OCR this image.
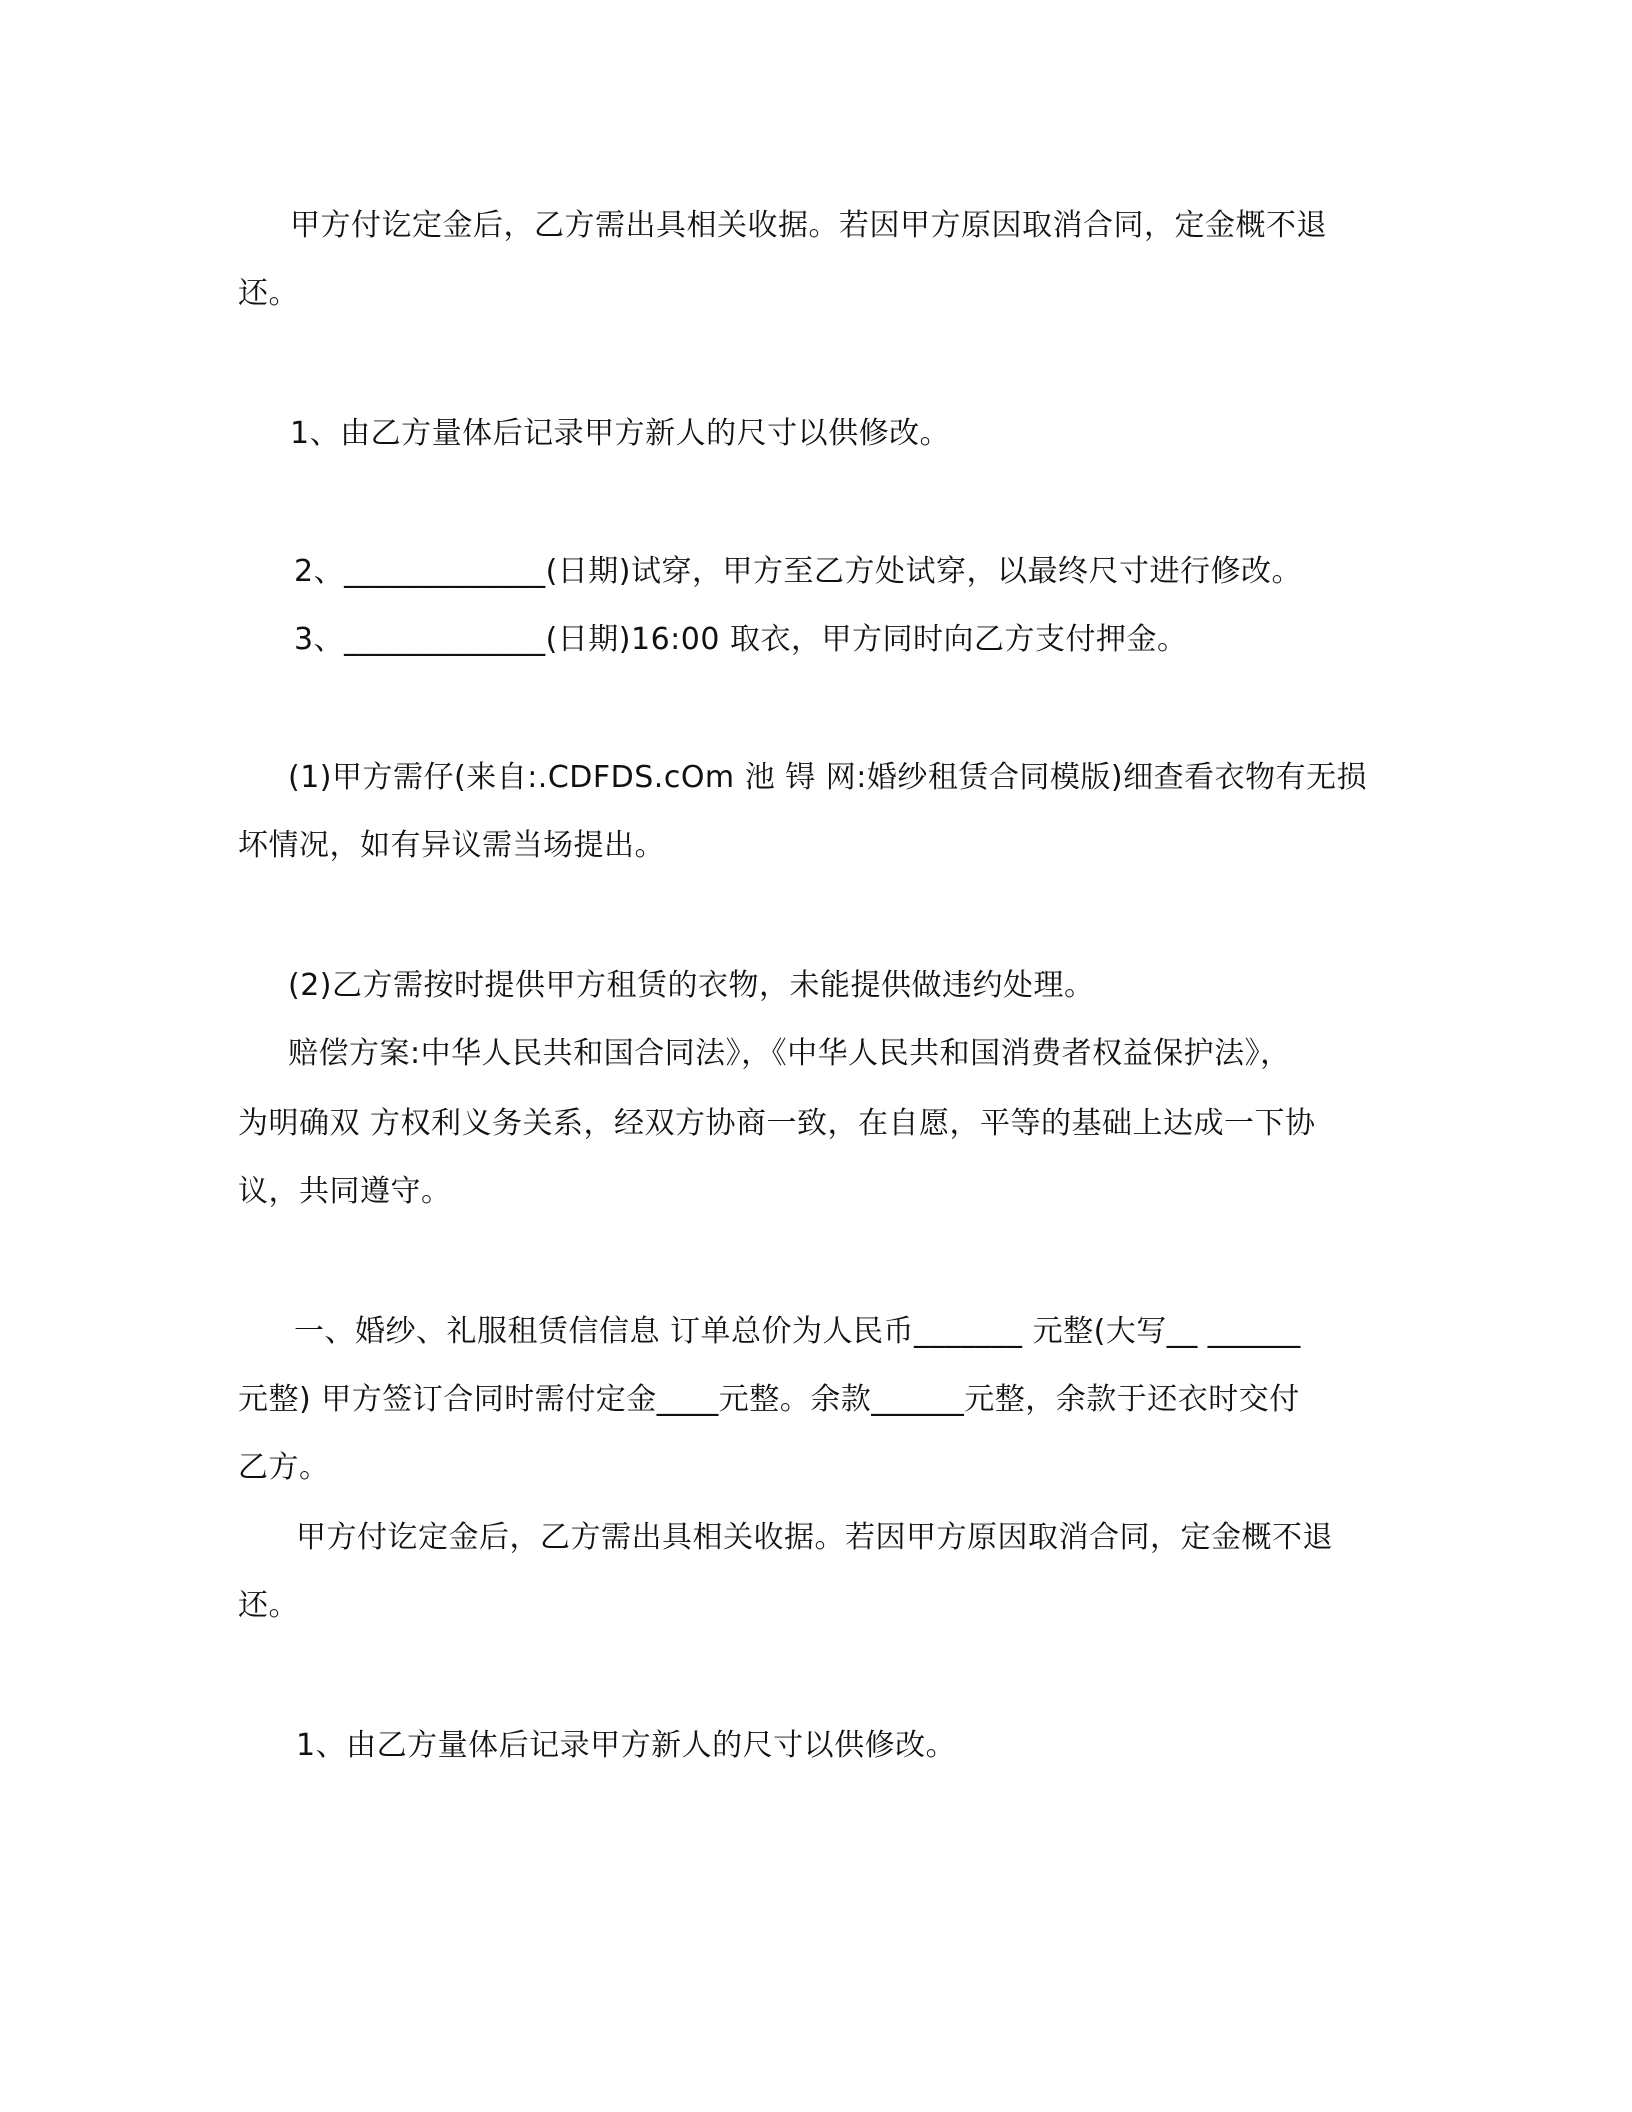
甲方付讫定金后，乙方需出具相关收据。若因甲方原因取消合同，定金概不退
还。
1、由乙方量体后记录甲方新人的尺寸以供修改。
2、_____________(日期)试穿，甲方至乙方处试穿，以最终尺寸进行修改。
3、_____________(日期)16:00 取衣，甲方同时向乙方支付押金。
(1)甲方需仔(来自:.CDFDS.cOm 池 锝 网:婚纱租赁合同模版)细查看衣物有无损
坏情况，如有异议需当场提出。
(2)乙方需按时提供甲方租赁的衣物，未能提供做违约处理。
赔偿方案:中华人民共和国合同法》，《中华人民共和国消费者权益保护法》，
为明确双 方权利义务关系，经双方协商一致，在自愿，平等的基础上达成一下协
议，共同遵守。
一、婚纱、礼服租赁信信息 订单总价为人民币_______ 元整(大写__ ______
元整) 甲方签订合同时需付定金____元整。余款______元整，余款于还衣时交付
乙方。
甲方付讫定金后，乙方需出具相关收据。若因甲方原因取消合同，定金概不退
还。
1、由乙方量体后记录甲方新人的尺寸以供修改。
